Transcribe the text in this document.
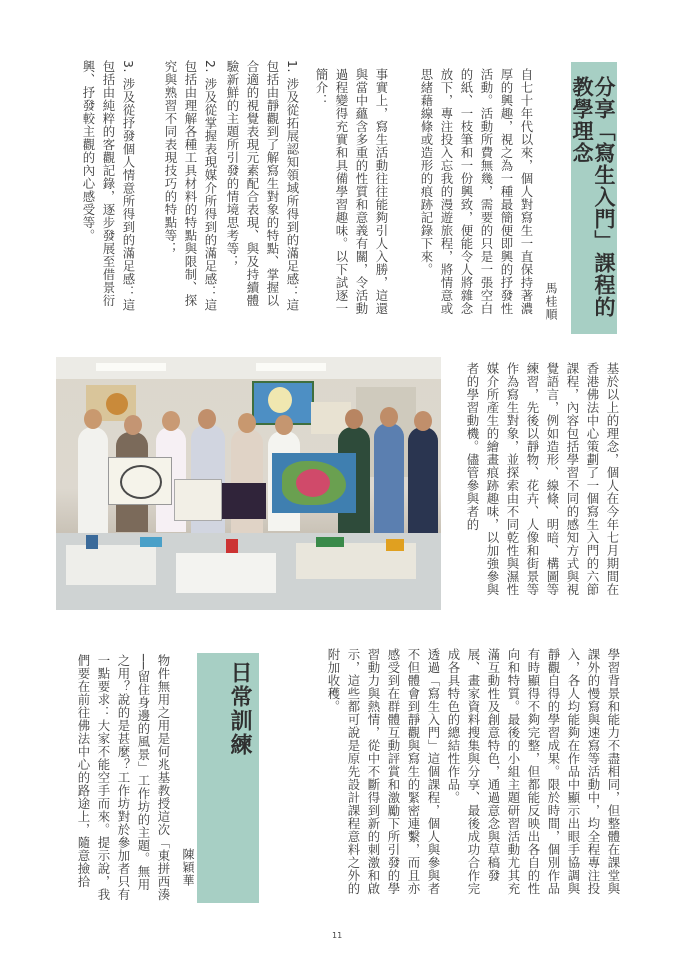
分享「寫生入門」課程的教學理念
馬桂順

自七十年代以來，個人對寫生一直保持著濃厚的興趣，視之為一種最簡便即興的抒發性活動。活動所費無幾，需要的只是一張空白的紙、一枝筆和一份興致，便能令人將雜念放下，專注投入忘我的漫遊旅程，將情意或思緒藉線條或造形的痕跡記錄下來。

事實上，寫生活動往往能夠引人入勝，這還與當中蘊含多重的性質和意義有關，令活動過程變得充實和具備學習趣味。以下試逐一簡介：

1. 涉及從拓展認知領域所得到的滿足感：這包括由靜觀到了解寫生對象的特點、掌握以合適的視覺表現元素配合表現、與及持續體驗新鮮的主題所引發的情境思考等；

2. 涉及從掌握表現媒介所得到的滿足感：這包括由理解各種工具材料的特點與限制、探究與熟習不同表現技巧的特點等；

3. 涉及從抒發個人情意所得到的滿足感：這包括由純粹的客觀記錄，逐步發展至借景衍興、抒發較主觀的內心感受等。

基於以上的理念，個人在今年七月期間在香港佛法中心策劃了一個寫生入門的六節課程，內容包括學習不同的感知方式與視覺語言，例如造形、線條、明暗、構圖等練習，先後以靜物、花卉、人像和街景等作為寫生對象，並探索由不同乾性與濕性媒介所產生的繪畫痕跡趣味，以加強參與者的學習動機。儘管參與者的

學習背景和能力不盡相同，但整體在課堂與課外的慢寫與速寫等活動中，均全程專注投入，各人均能夠在作品中顯示出眼手協調與靜觀自得的學習成果。限於時間，個別作品有時顯得不夠完整，但都能反映出各自的性向和特質。最後的小組主題研習活動尤其充滿互動性及創意特色，通過意念與草稿發展、畫家資料搜集與分享、最後成功合作完成各具特色的總結性作品。

透過「寫生入門」這個課程，個人與參與者不但體會到靜觀與寫生的緊密連繫，而且亦感受到在群體互動評賞和激勵下所引發的學習動力與熱情，從中不斷得到新的刺激和啟示，這些都可說是原先設計課程意料之外的附加收穫。

日常訓練
陳穎華

物件無用之用是何兆基教授這次「東拼西湊──留住身邊的風景」工作坊的主題。無用之用？說的是甚麼？工作坊對於參加者只有一點要求：大家不能空手而來。提示說，我們要在前往佛法中心的路途上，隨意撿拾

11
